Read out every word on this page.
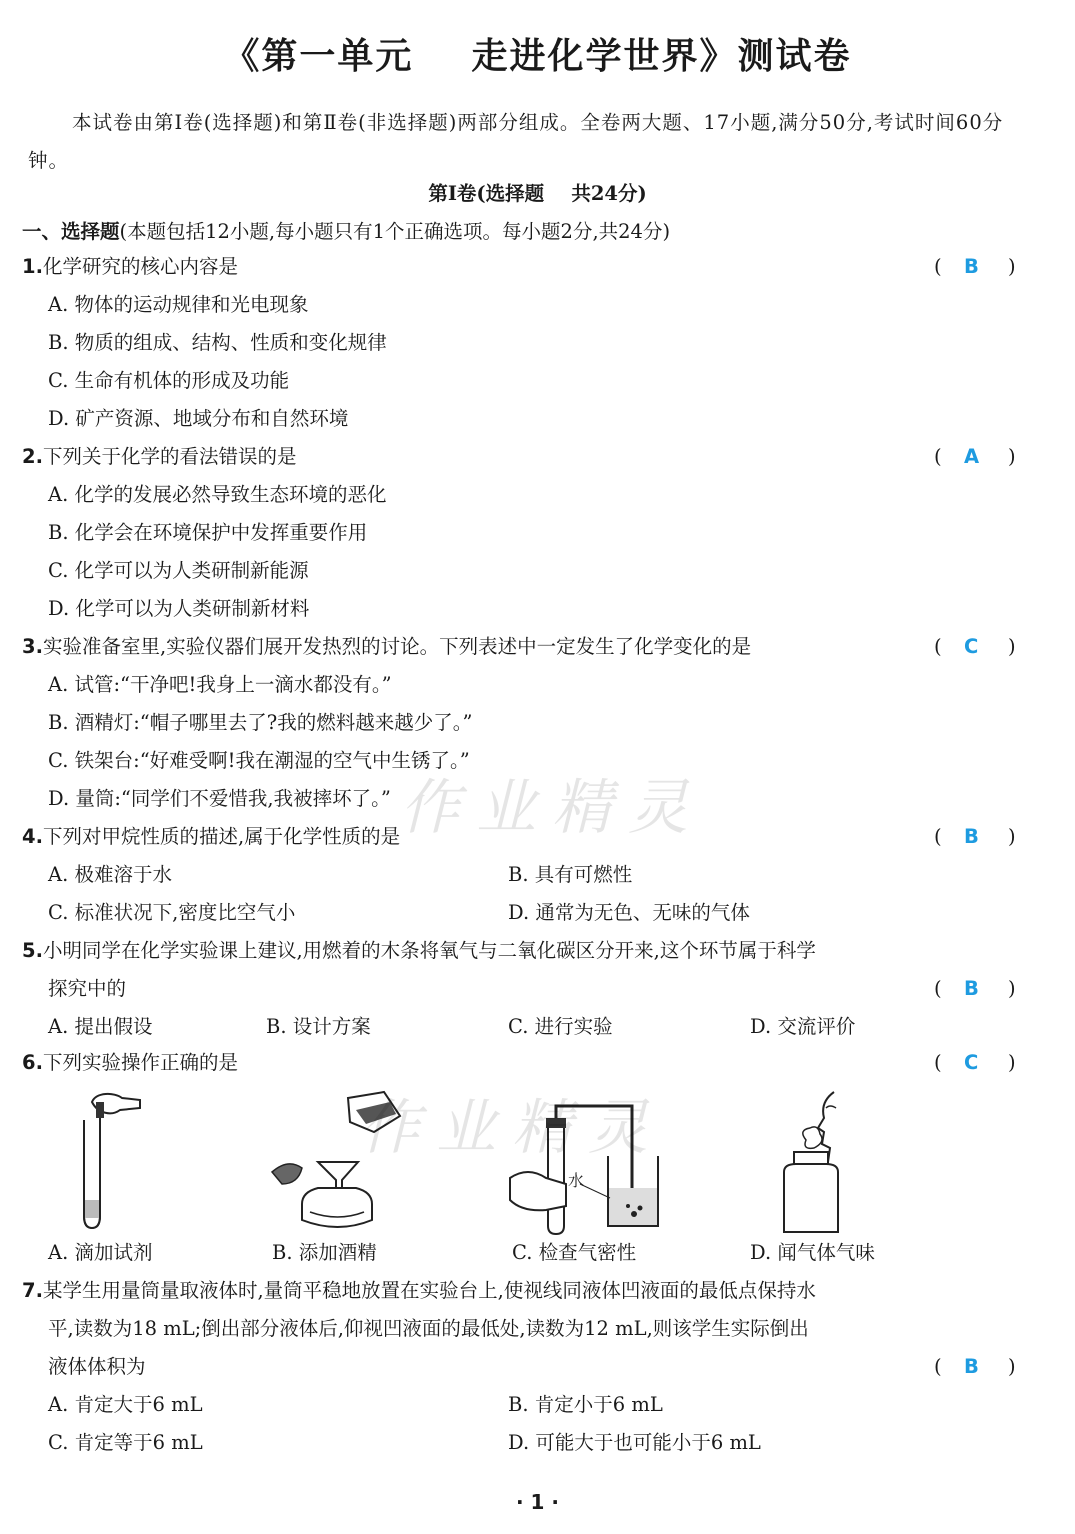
《第一单元    走进化学世界》测试卷
本试卷由第Ⅰ卷(选择题)和第Ⅱ卷(非选择题)两部分组成。全卷两大题、17小题,满分50分,考试时间60分钟。
第Ⅰ卷(选择题    共24分)
一、选择题(本题包括12小题,每小题只有1个正确选项。每小题2分,共24分)
1.化学研究的核心内容是	( B )
A. 物体的运动规律和光电现象
B. 物质的组成、结构、性质和变化规律
C. 生命有机体的形成及功能
D. 矿产资源、地域分布和自然环境
2.下列关于化学的看法错误的是	( A )
A. 化学的发展必然导致生态环境的恶化
B. 化学会在环境保护中发挥重要作用
C. 化学可以为人类研制新能源
D. 化学可以为人类研制新材料
3.实验准备室里,实验仪器们展开发热烈的讨论。下列表述中一定发生了化学变化的是	( C )
A. 试管:“干净吧!我身上一滴水都没有。”
B. 酒精灯:“帽子哪里去了?我的燃料越来越少了。”
C. 铁架台:“好难受啊!我在潮湿的空气中生锈了。”
D. 量筒:“同学们不爱惜我,我被摔坏了。”
4.下列对甲烷性质的描述,属于化学性质的是	( B )
A. 极难溶于水	B. 具有可燃性
C. 标准状况下,密度比空气小	D. 通常为无色、无味的气体
5.小明同学在化学实验课上建议,用燃着的木条将氧气与二氧化碳区分开来,这个环节属于科学
探究中的	( B )
A. 提出假设	B. 设计方案	C. 进行实验	D. 交流评价
6.下列实验操作正确的是	( C )
水
A. 滴加试剂	B. 添加酒精	C. 检查气密性	D. 闻气体气味
7.某学生用量筒量取液体时,量筒平稳地放置在实验台上,使视线同液体凹液面的最低点保持水
平,读数为18 mL;倒出部分液体后,仰视凹液面的最低处,读数为12 mL,则该学生实际倒出
液体体积为	( B )
A. 肯定大于6 mL	B. 肯定小于6 mL
C. 肯定等于6 mL	D. 可能大于也可能小于6 mL
作业精灵
作业精灵
· 1 ·
